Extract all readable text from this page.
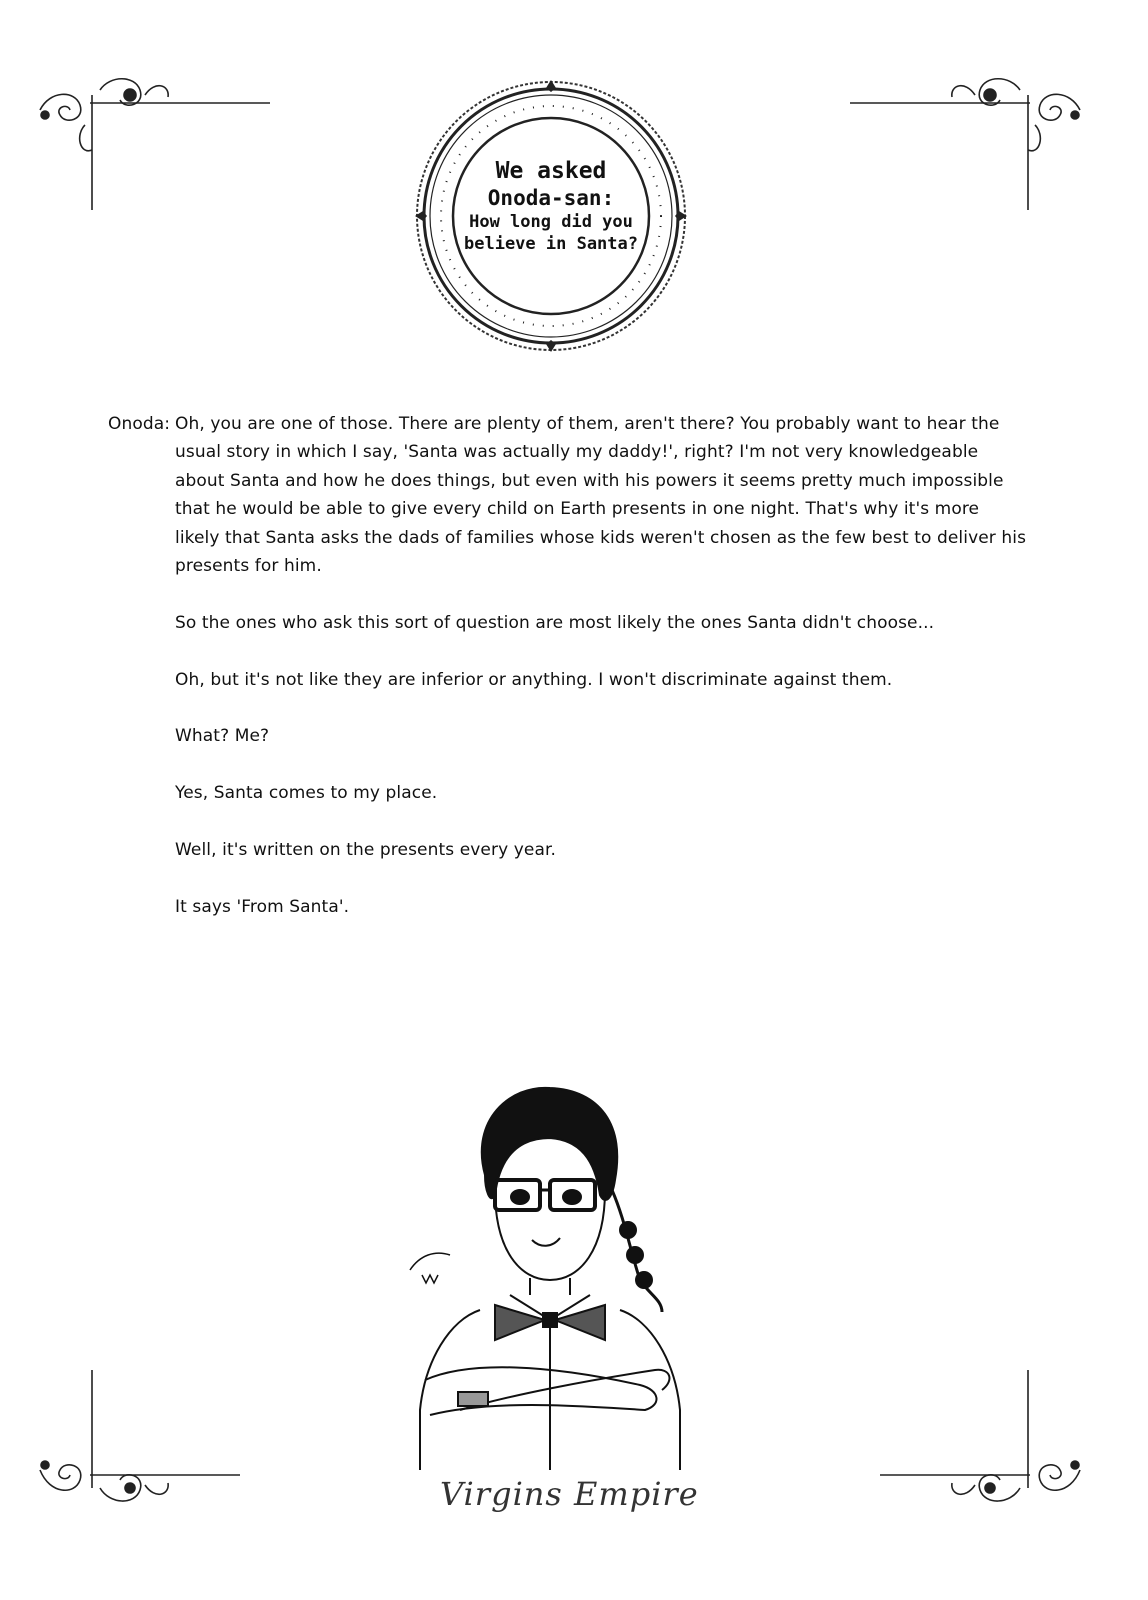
We asked
Onoda-san:
How long did you
believe in Santa?
Onoda: Oh, you are one of those. There are plenty of them, aren't there? You probably want to hear the usual story in which I say, 'Santa was actually my daddy!', right? I'm not very knowledgeable about Santa and how he does things, but even with his powers it seems pretty much impossible that he would be able to give every child on Earth presents in one night. That's why it's more likely that Santa asks the dads of families whose kids weren't chosen as the few best to deliver his presents for him.

So the ones who ask this sort of question are most likely the ones Santa didn't choose...

Oh, but it's not like they are inferior or anything. I won't discriminate against them.

What? Me?

Yes, Santa comes to my place.

Well, it's written on the presents every year.

It says 'From Santa'.

Virgins Empire
